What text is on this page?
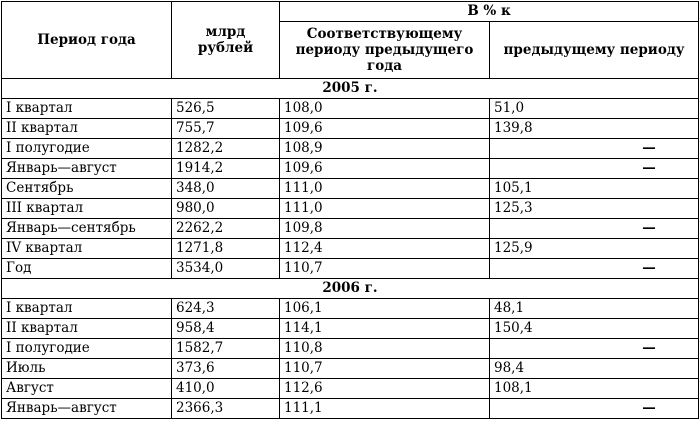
Период года	млрд рублей	В % к	
		Соответствующему периоду предыдущего года	предыдущему периоду
2005 г.			
I квартал	526,5	108,0	51,0
II квартал	755,7	109,6	139,8
I полугодие	1282,2	108,9	—
Январь—август	1914,2	109,6	—
Сентябрь	348,0	111,0	105,1
III квартал	980,0	111,0	125,3
Январь—сентябрь	2262,2	109,8	—
IV квартал	1271,8	112,4	125,9
Год	3534,0	110,7	—
2006 г.			
I квартал	624,3	106,1	48,1
II квартал	958,4	114,1	150,4
I полугодие	1582,7	110,8	—
Июль	373,6	110,7	98,4
Август	410,0	112,6	108,1
Январь—август	2366,3	111,1	—
